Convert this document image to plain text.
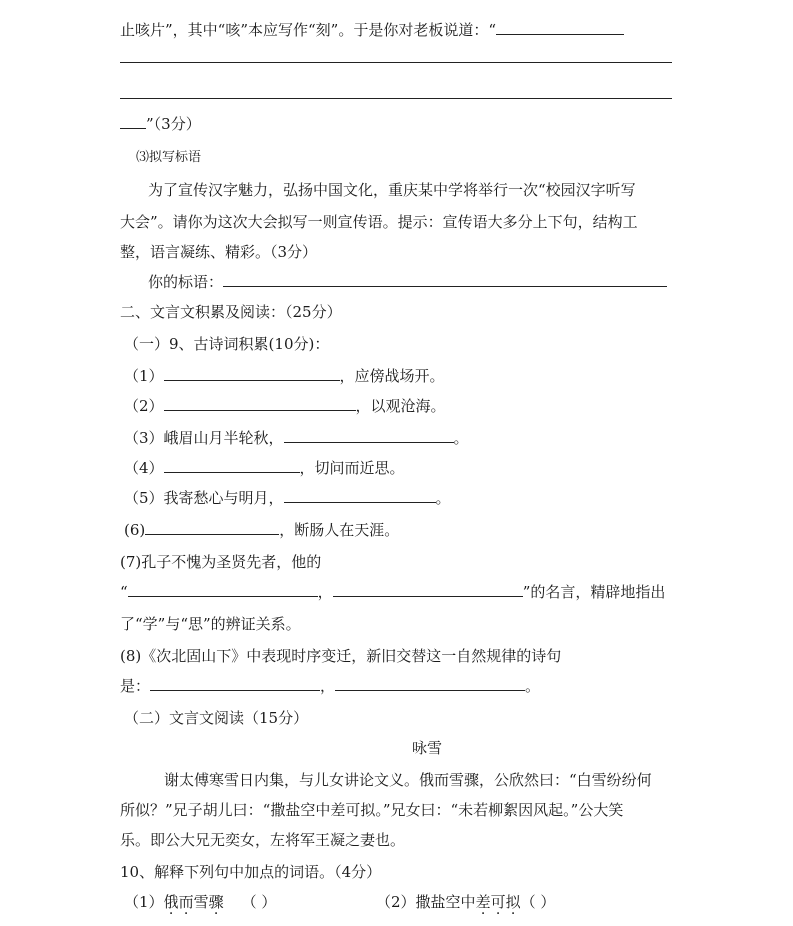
止咳片”，其中“咳”本应写作“刻”。于是你对老板说道：“
”（3分）
⑶拟写标语
为了宣传汉字魅力，弘扬中国文化，重庆某中学将举行一次“校园汉字听写
大会”。请你为这次大会拟写一则宣传语。提示：宣传语大多分上下句，结构工
整，语言凝练、精彩。（3分）
你的标语：
二、文言文积累及阅读：（25分）
（一）9、古诗词积累(10分)：
（1）	，应傍战场开。
（2）	，以观沧海。
（3）峨眉山月半轮秋，	。
（4）	，切问而近思。
（5）我寄愁心与明月，	。
(6)	，断肠人在天涯。
(7)孔子不愧为圣贤先者，他的
“	，	”的名言，精辟地指出
了“学”与“思”的辨证关系。
(8)《次北固山下》中表现时序变迁，新旧交替这一自然规律的诗句
是：	，	。
（二）文言文阅读（15分）
咏雪
谢太傅寒雪日内集，与儿女讲论文义。俄而雪骤，公欣然曰：“白雪纷纷何
所似？”兄子胡儿曰：“撒盐空中差可拟。”兄女曰：“未若柳絮因风起。”公大笑
乐。即公大兄无奕女，左将军王凝之妻也。
10、解释下列句中加点的词语。（4分）
（1）俄而雪骤 （ ）	（2）撒盐空中差可拟（ ）
